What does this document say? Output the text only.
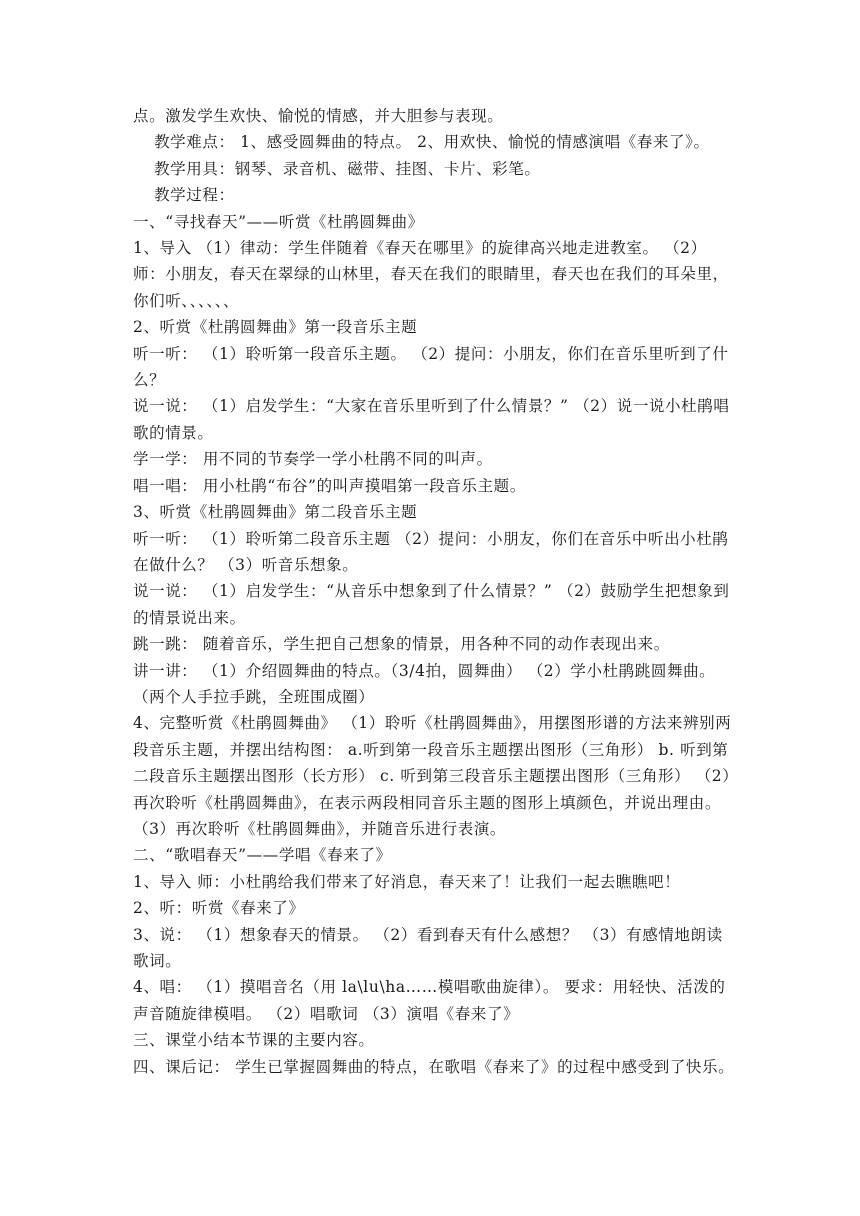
点。激发学生欢快、愉悦的情感，并大胆参与表现。
教学难点： 1、感受圆舞曲的特点。 2、用欢快、愉悦的情感演唱《春来了》。
教学用具：钢琴、录音机、磁带、挂图、卡片、彩笔。
教学过程：
一、“寻找春天”——听赏《杜鹃圆舞曲》
1、导入 （1）律动：学生伴随着《春天在哪里》的旋律高兴地走进教室。 （2）师：小朋友，春天在翠绿的山林里，春天在我们的眼睛里，春天也在我们的耳朵里，你们听、、、、、、
2、听赏《杜鹃圆舞曲》第一段音乐主题
听一听： （1）聆听第一段音乐主题。 （2）提问：小朋友，你们在音乐里听到了什么？
说一说： （1）启发学生：“大家在音乐里听到了什么情景？” （2）说一说小杜鹃唱歌的情景。
学一学： 用不同的节奏学一学小杜鹃不同的叫声。
唱一唱： 用小杜鹃“布谷”的叫声摸唱第一段音乐主题。
3、听赏《杜鹃圆舞曲》第二段音乐主题
听一听： （1）聆听第二段音乐主题 （2）提问：小朋友，你们在音乐中听出小杜鹃在做什么？ （3）听音乐想象。
说一说： （1）启发学生：“从音乐中想象到了什么情景？” （2）鼓励学生把想象到的情景说出来。
跳一跳： 随着音乐，学生把自己想象的情景，用各种不同的动作表现出来。
讲一讲： （1）介绍圆舞曲的特点。（3/4拍，圆舞曲） （2）学小杜鹃跳圆舞曲。（两个人手拉手跳，全班围成圈）
4、完整听赏《杜鹃圆舞曲》 （1）聆听《杜鹃圆舞曲》，用摆图形谱的方法来辨别两段音乐主题，并摆出结构图： a.听到第一段音乐主题摆出图形（三角形） b. 听到第二段音乐主题摆出图形（长方形） c. 听到第三段音乐主题摆出图形（三角形） （2）再次聆听《杜鹃圆舞曲》，在表示两段相同音乐主题的图形上填颜色，并说出理由。 （3）再次聆听《杜鹃圆舞曲》，并随音乐进行表演。
二、“歌唱春天”——学唱《春来了》
1、导入 师：小杜鹃给我们带来了好消息，春天来了！让我们一起去瞧瞧吧！
2、听：听赏《春来了》
3、说： （1）想象春天的情景。 （2）看到春天有什么感想？ （3）有感情地朗读歌词。
4、唱： （1）摸唱音名（用 la\lu\ha……模唱歌曲旋律）。 要求：用轻快、活泼的声音随旋律模唱。 （2）唱歌词 （3）演唱《春来了》
三、课堂小结本节课的主要内容。
四、课后记： 学生已掌握圆舞曲的特点，在歌唱《春来了》的过程中感受到了快乐。
